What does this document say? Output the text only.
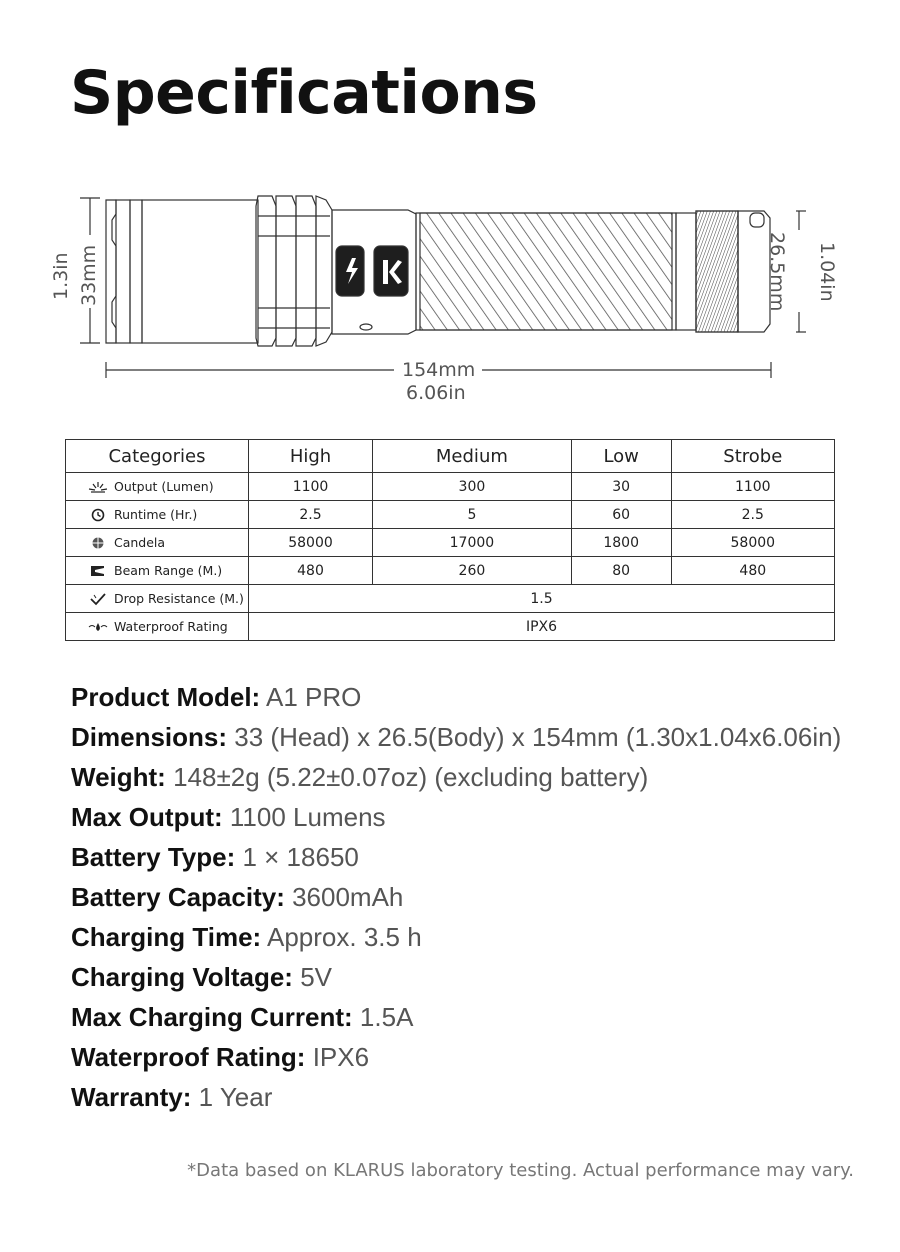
Specifications
1.3in 33mm	26.5mm 1.04in
154mm
6.06in
Categories	High	Medium	Low	Strobe

Output (Lumen)	1100	300	30	1100

Runtime (Hr.)	2.5	5	60	2.5

Candela	58000	17000	1800	58000

Beam Range (M.)	480	260	80	480

Drop Resistance (M.)	1.5			

Waterproof Rating	IPX6			
Product Model: A1 PRO
Dimensions: 33 (Head) x 26.5(Body) x 154mm (1.30x1.04x6.06in)
Weight: 148±2g (5.22±0.07oz) (excluding battery)
Max Output: 1100 Lumens
Battery Type: 1 × 18650
Battery Capacity: 3600mAh
Charging Time: Approx. 3.5 h
Charging Voltage: 5V
Max Charging Current: 1.5A
Waterproof Rating: IPX6
Warranty: 1 Year
*Data based on KLARUS laboratory testing. Actual performance may vary.
